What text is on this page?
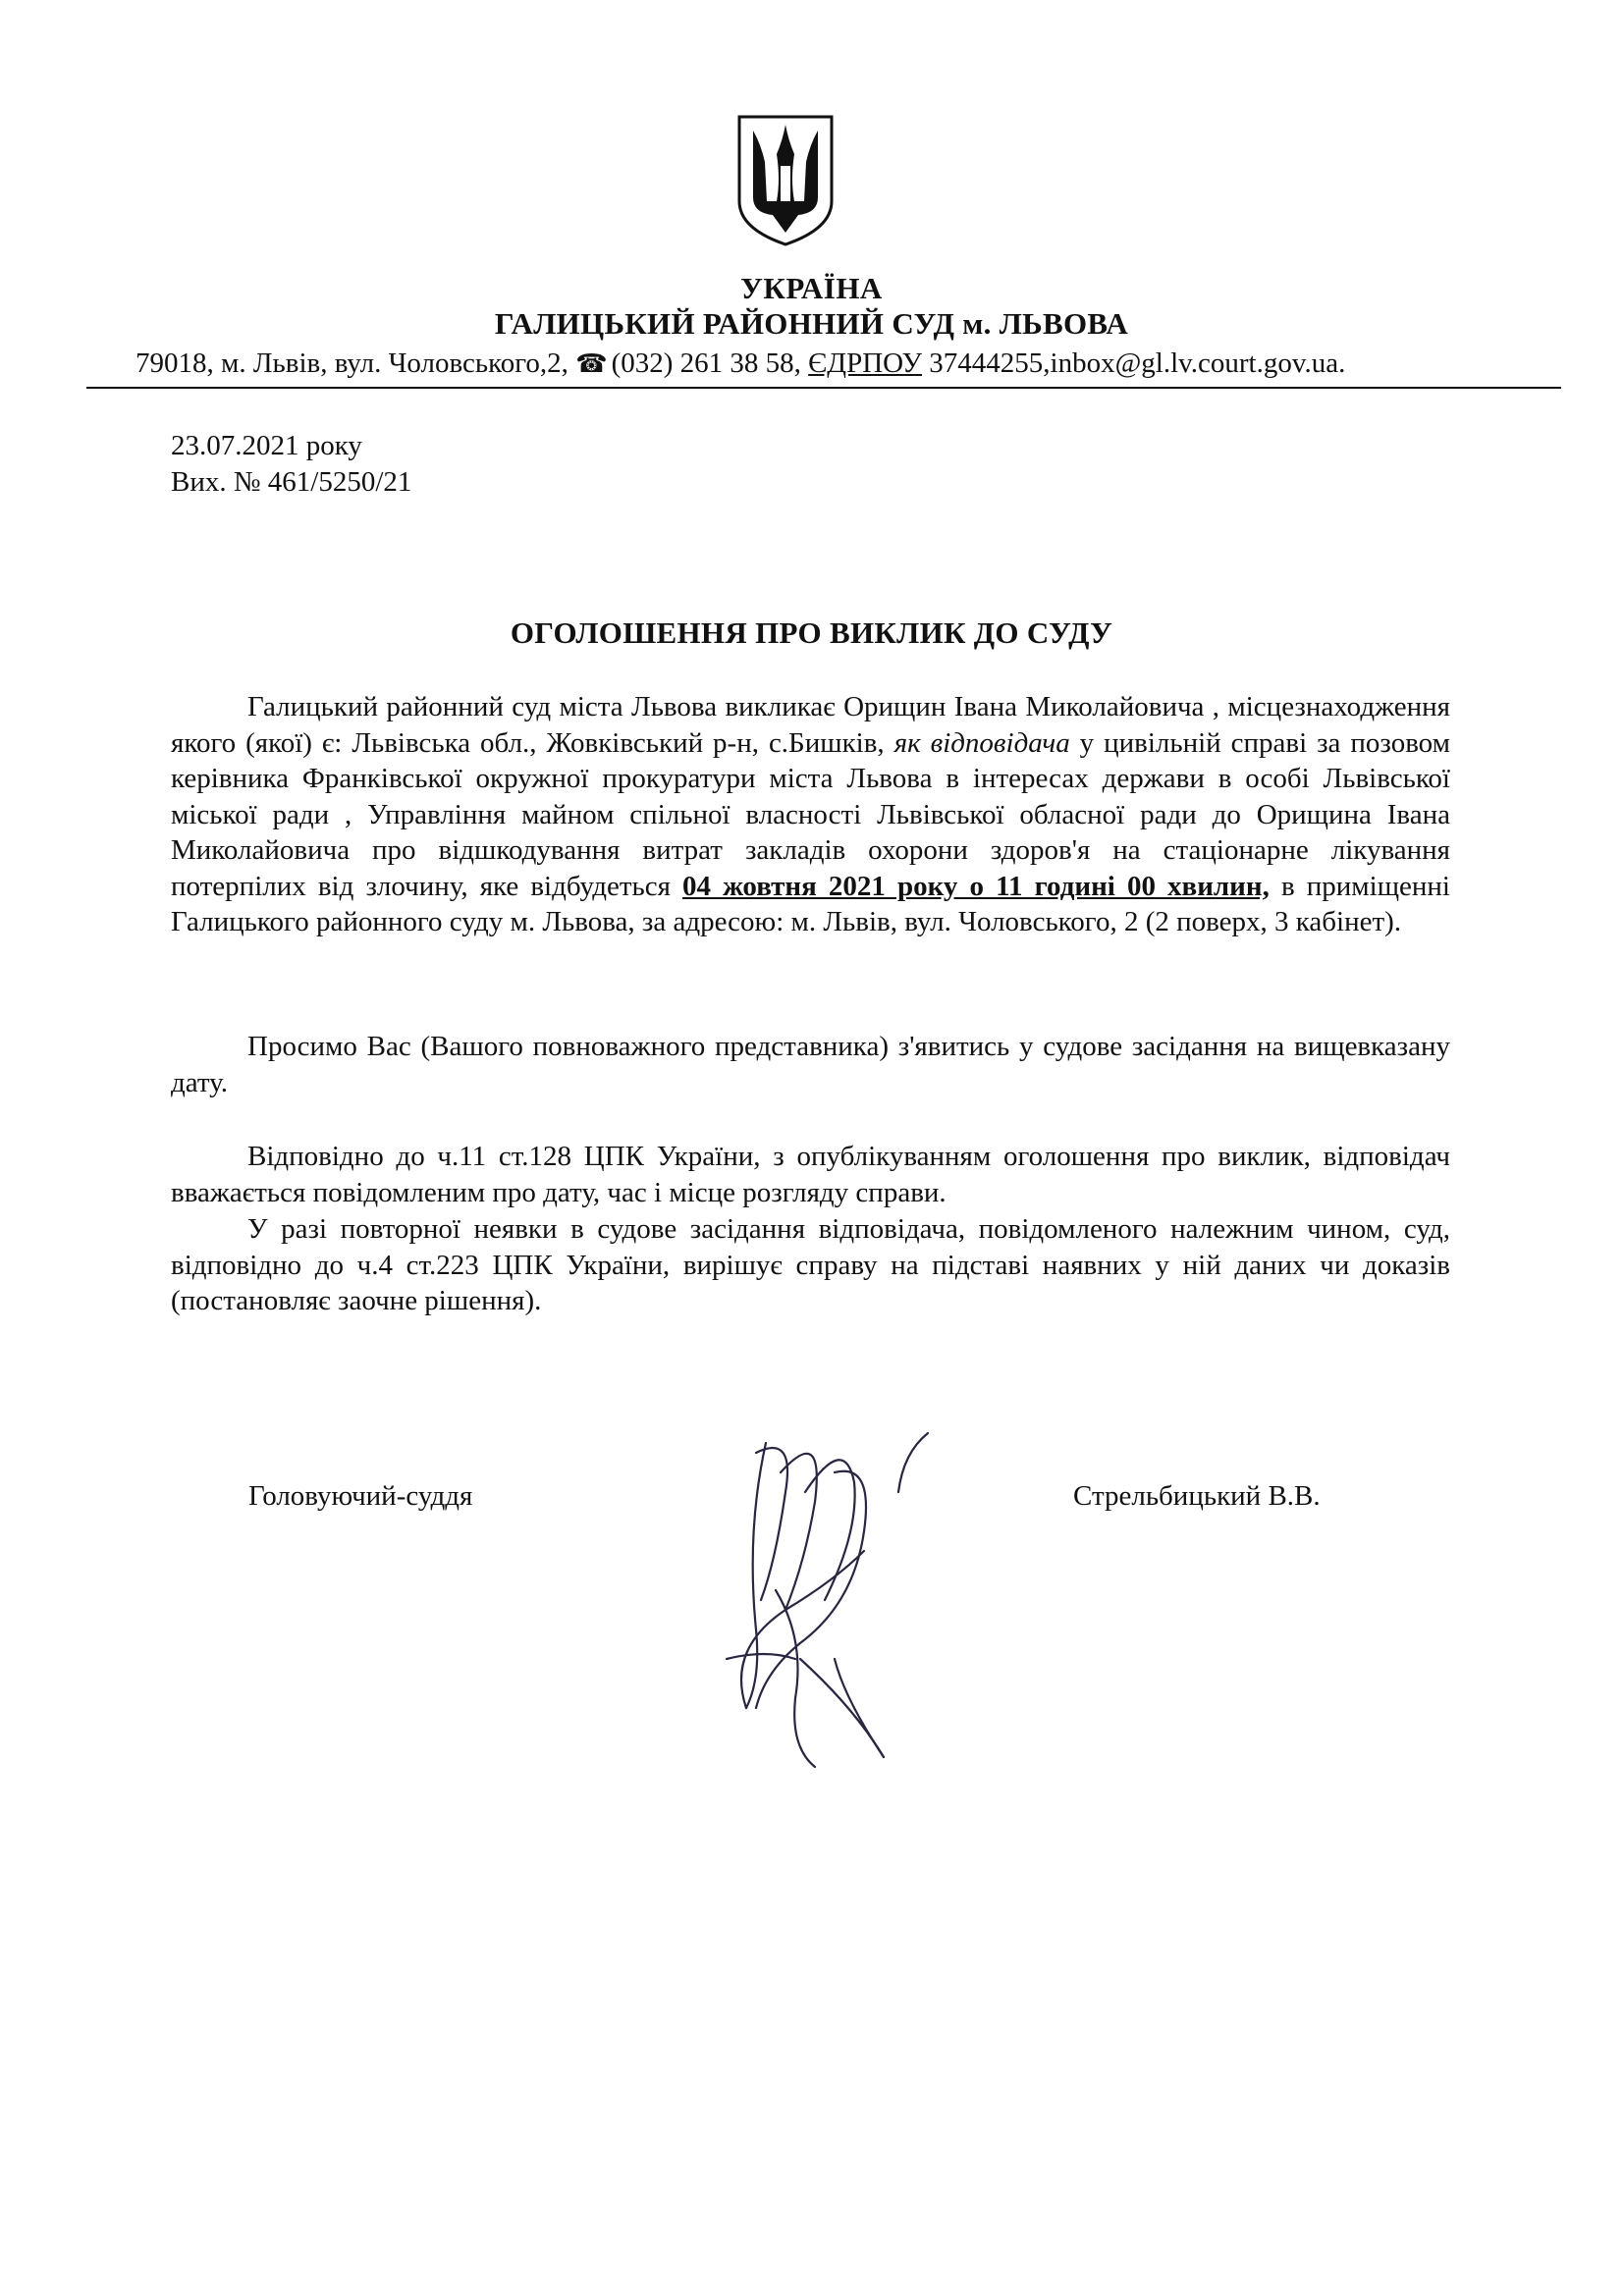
УКРАЇНА
ГАЛИЦЬКИЙ РАЙОННИЙ СУД м. ЛЬВОВА
79018, м. Львів, вул. Чоловського,2, ☎ (032) 261 38 58, ЄДРПОУ 37444255,inbox@gl.lv.court.gov.ua.
23.07.2021 року
Вих. № 461/5250/21
ОГОЛОШЕННЯ ПРО ВИКЛИК ДО СУДУ
Галицький районний суд міста Львова викликає Орищин Івана Миколайовича , місцезнаходження якого (якої) є: Львівська обл., Жовківський р-н, с.Бишків, як відповідача у цивільній справі за позовом керівника Франківської окружної прокуратури міста Львова в інтересах держави в особі Львівської міської ради , Управління майном спільної власності Львівської обласної ради до Орищина Івана Миколайовича про відшкодування витрат закладів охорони здоров'я на стаціонарне лікування потерпілих від злочину, яке відбудеться 04 жовтня 2021 року о 11 годині 00 хвилин, в приміщенні Галицького районного суду м. Львова, за адресою: м. Львів, вул. Чоловського, 2 (2 поверх, 3 кабінет).
Просимо Вас (Вашого повноважного представника) з'явитись у судове засідання на вищевказану дату.
Відповідно до ч.11 ст.128 ЦПК України, з опублікуванням оголошення про виклик, відповідач вважається повідомленим про дату, час і місце розгляду справи.
У разі повторної неявки в судове засідання відповідача, повідомленого належним чином, суд, відповідно до ч.4 ст.223 ЦПК України, вирішує справу на підставі наявних у ній даних чи доказів (постановляє заочне рішення).
Головуючий-суддя	Стрельбицький В.В.
